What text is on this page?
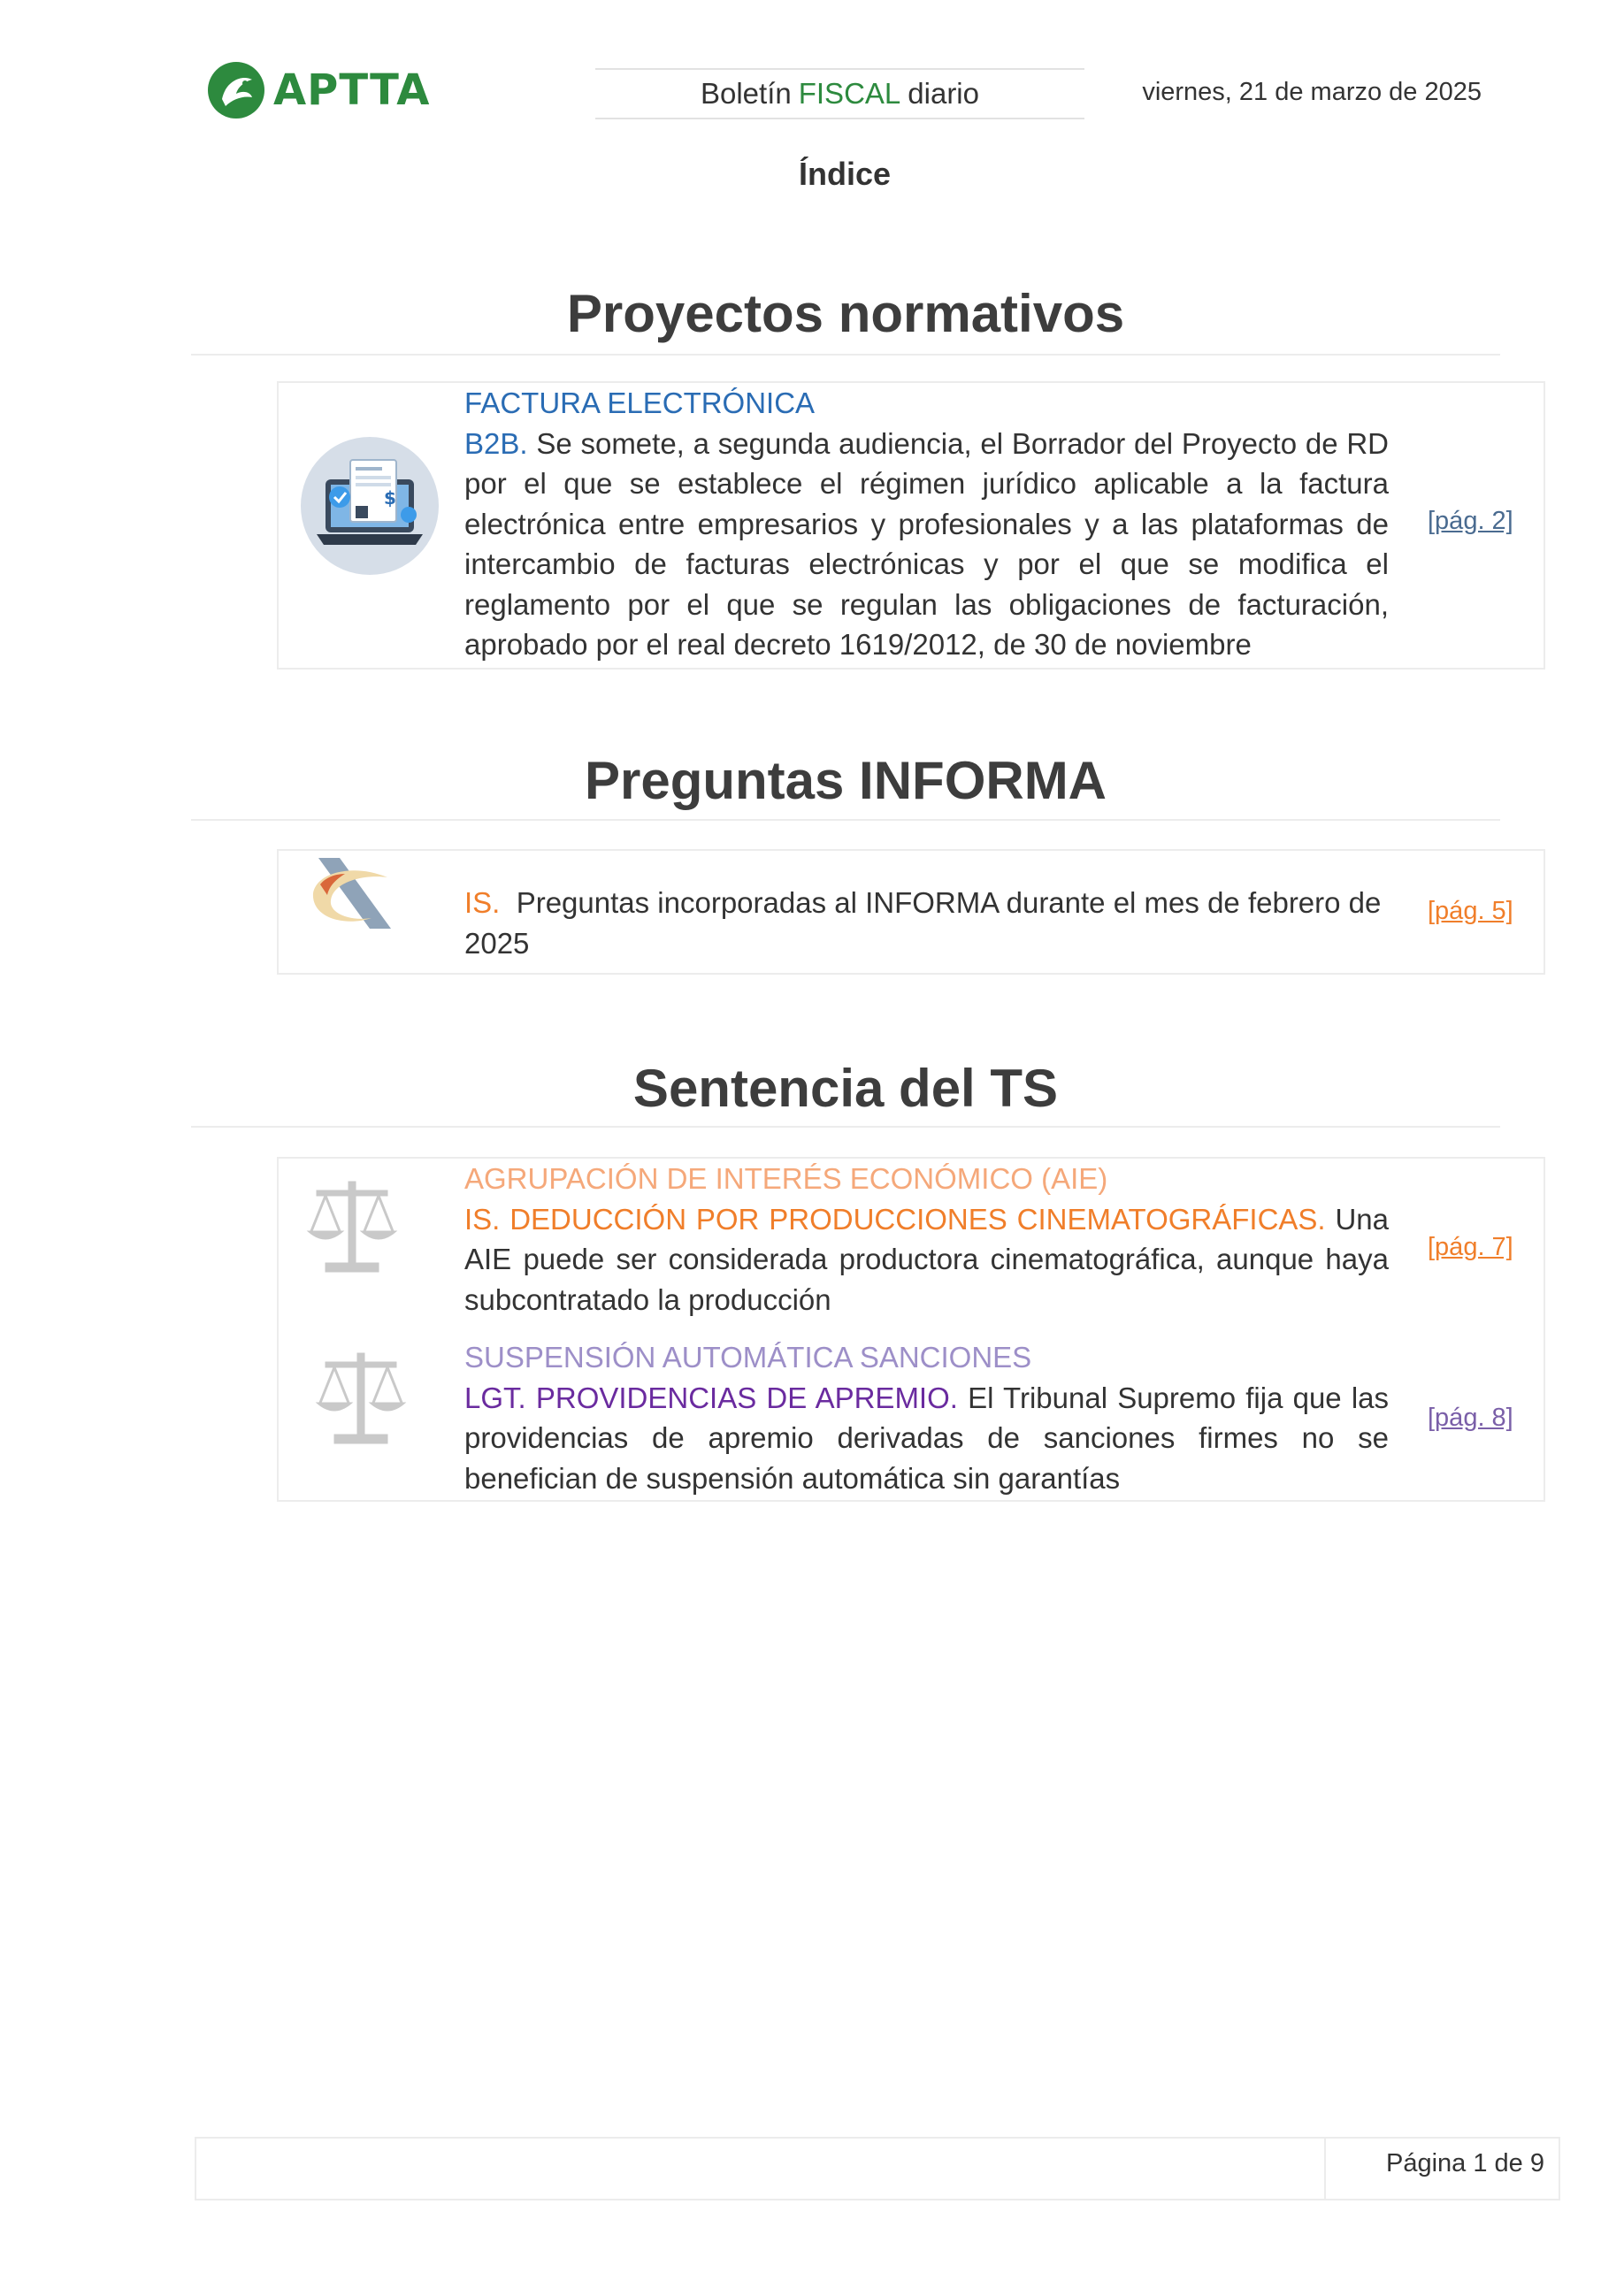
APTTA	Boletín FISCAL diario	viernes, 21 de marzo de 2025
Índice
Proyectos normativos
$
FACTURA ELECTRÓNICA
B2B. Se somete, a segunda audiencia, el Borrador del Proyecto de RD por el que se establece el régimen jurídico aplicable a la factura electrónica entre empresarios y profesionales y a las plataformas de intercambio de facturas electrónicas y por el que se modifica el reglamento por el que se regulan las obligaciones de facturación, aprobado por el real decreto 1619/2012, de 30 de noviembre
[pág. 2]
Preguntas INFORMA
IS. Preguntas incorporadas al INFORMA durante el mes de febrero de 2025
[pág. 5]
Sentencia del TS
AGRUPACIÓN DE INTERÉS ECONÓMICO (AIE)
IS. DEDUCCIÓN POR PRODUCCIONES CINEMATOGRÁFICAS. Una AIE puede ser considerada productora cinematográfica, aunque haya subcontratado la producción
[pág. 7]
SUSPENSIÓN AUTOMÁTICA SANCIONES
LGT. PROVIDENCIAS DE APREMIO. El Tribunal Supremo fija que las providencias de apremio derivadas de sanciones firmes no se benefician de suspensión automática sin garantías
[pág. 8]
Página 1 de 9
